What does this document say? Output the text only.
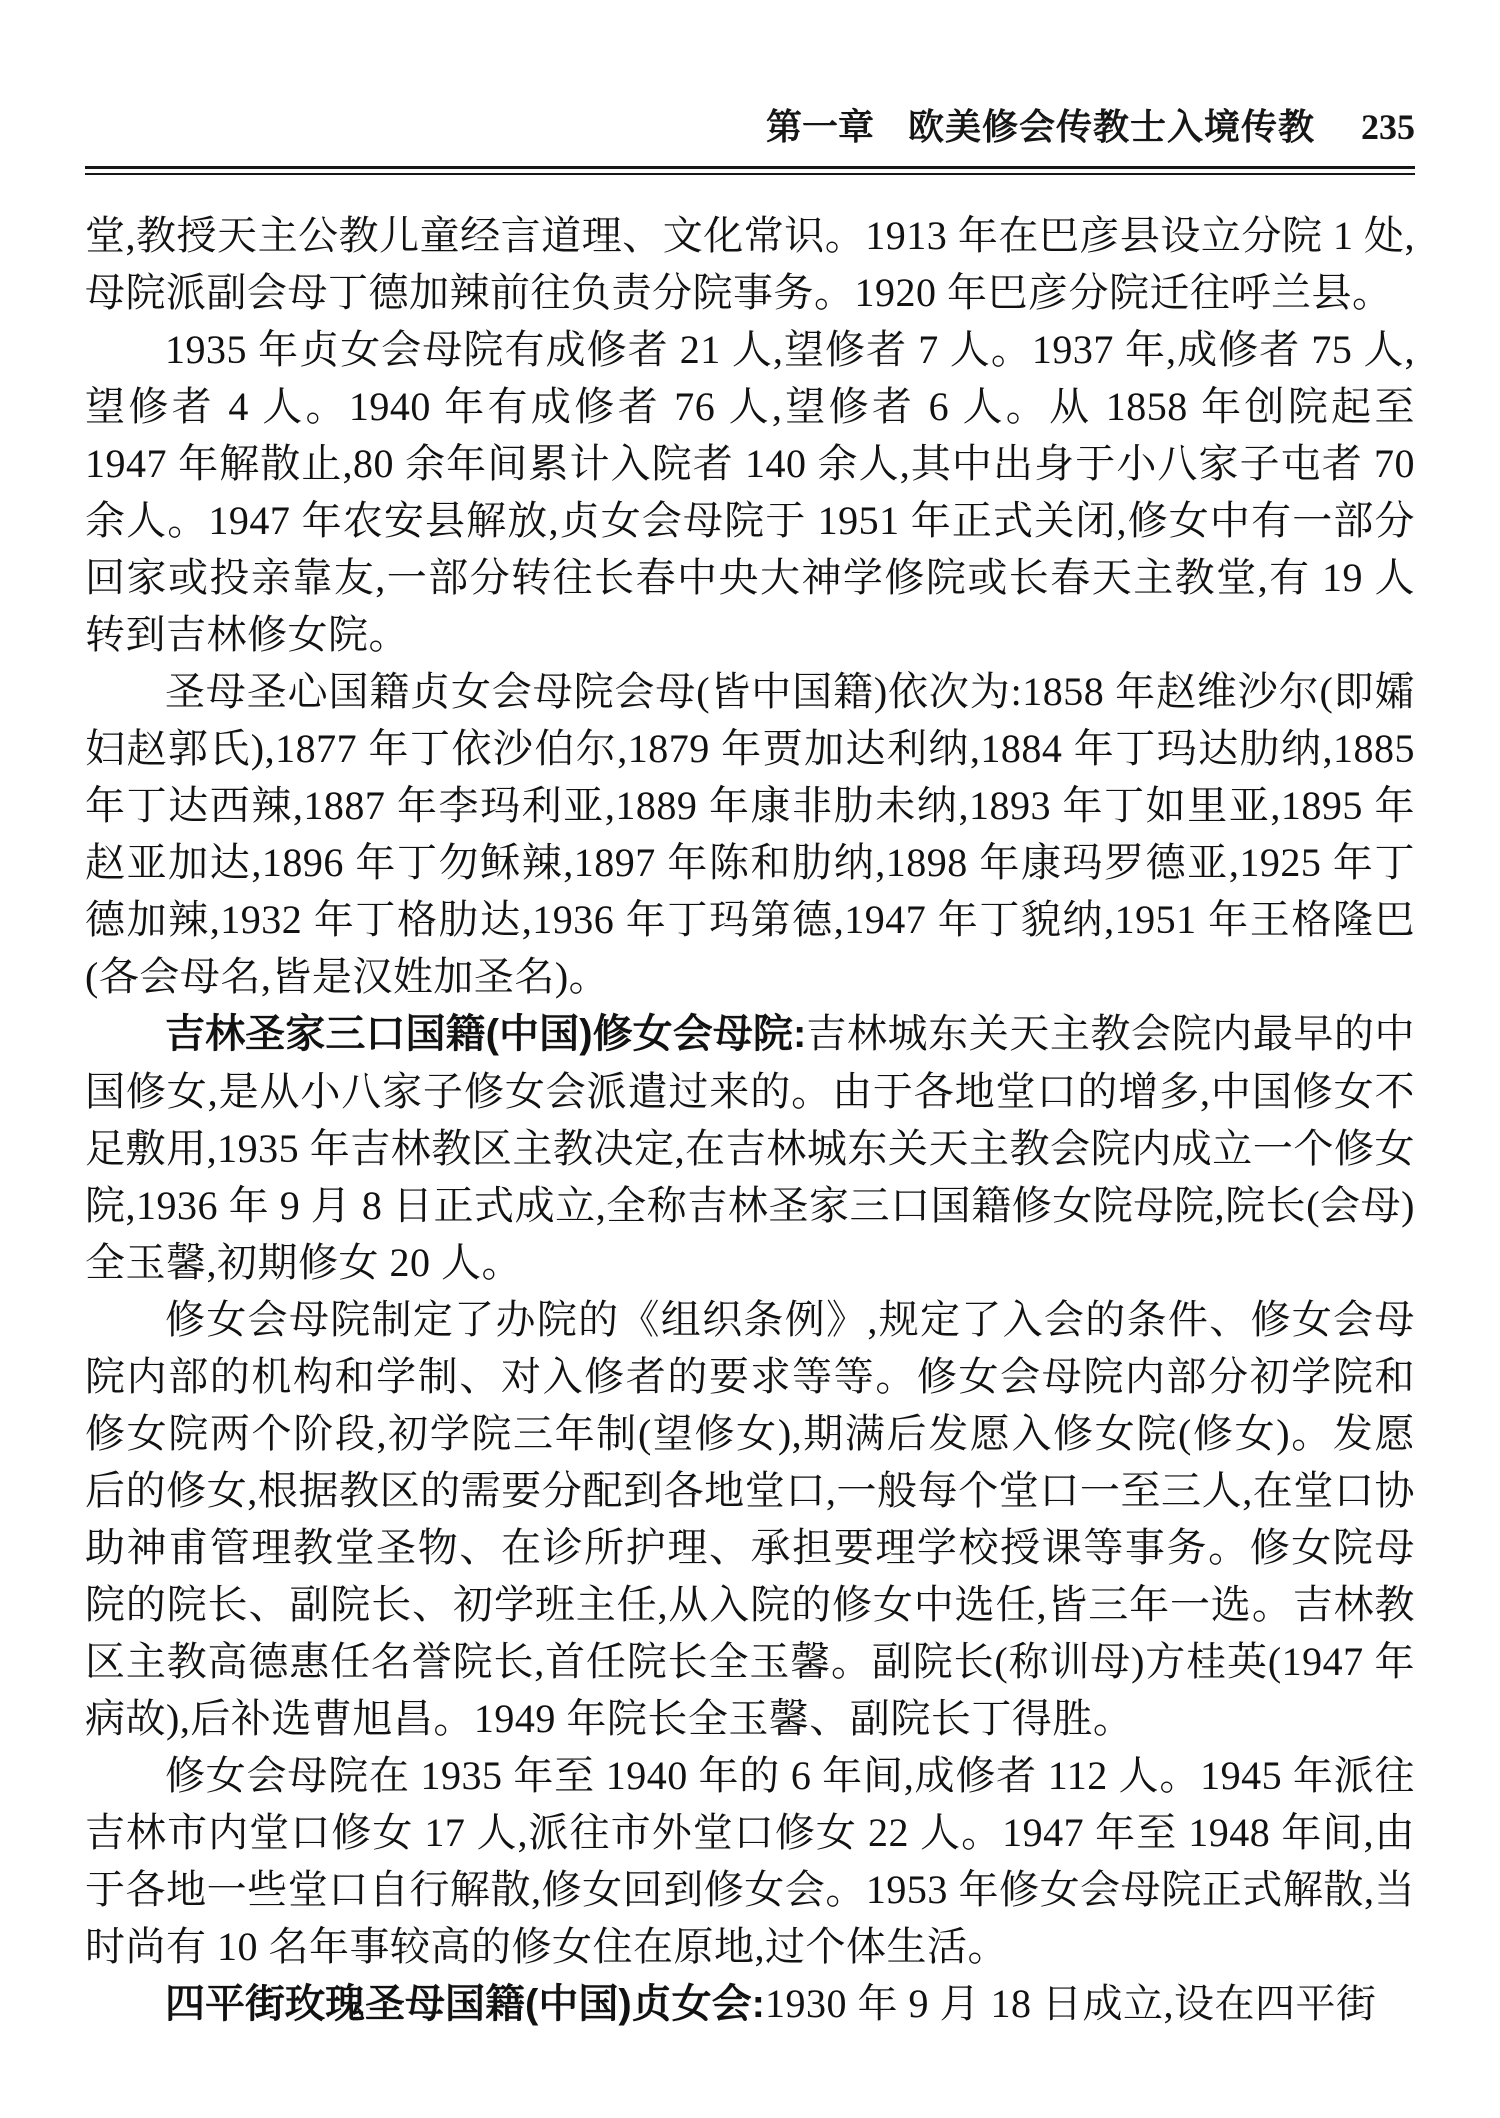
第一章 欧美修会传教士入境传教 235

堂,教授天主公教儿童经言道理、文化常识。1913 年在巴彦县设立分院 1 处,母院派副会母丁德加辣前往负责分院事务。1920 年巴彦分院迁往呼兰县。

1935 年贞女会母院有成修者 21 人,望修者 7 人。1937 年,成修者 75 人,望修者 4 人。1940 年有成修者 76 人,望修者 6 人。从 1858 年创院起至 1947 年解散止,80 余年间累计入院者 140 余人,其中出身于小八家子屯者 70 余人。1947 年农安县解放,贞女会母院于 1951 年正式关闭,修女中有一部分回家或投亲靠友,一部分转往长春中央大神学修院或长春天主教堂,有 19 人转到吉林修女院。

圣母圣心国籍贞女会母院会母(皆中国籍)依次为:1858 年赵维沙尔(即孀妇赵郭氏),1877 年丁依沙伯尔,1879 年贾加达利纳,1884 年丁玛达肋纳,1885 年丁达西辣,1887 年李玛利亚,1889 年康非肋未纳,1893 年丁如里亚,1895 年赵亚加达,1896 年丁勿稣辣,1897 年陈和肋纳,1898 年康玛罗德亚,1925 年丁德加辣,1932 年丁格肋达,1936 年丁玛第德,1947 年丁貌纳,1951 年王格隆巴(各会母名,皆是汉姓加圣名)。

吉林圣家三口国籍(中国)修女会母院:吉林城东关天主教会院内最早的中国修女,是从小八家子修女会派遣过来的。由于各地堂口的增多,中国修女不足敷用,1935 年吉林教区主教决定,在吉林城东关天主教会院内成立一个修女院,1936 年 9 月 8 日正式成立,全称吉林圣家三口国籍修女院母院,院长(会母)全玉馨,初期修女 20 人。

修女会母院制定了办院的《组织条例》,规定了入会的条件、修女会母院内部的机构和学制、对入修者的要求等等。修女会母院内部分初学院和修女院两个阶段,初学院三年制(望修女),期满后发愿入修女院(修女)。发愿后的修女,根据教区的需要分配到各地堂口,一般每个堂口一至三人,在堂口协助神甫管理教堂圣物、在诊所护理、承担要理学校授课等事务。修女院母院的院长、副院长、初学班主任,从入院的修女中选任,皆三年一选。吉林教区主教高德惠任名誉院长,首任院长全玉馨。副院长(称训母)方桂英(1947 年病故),后补选曹旭昌。1949 年院长全玉馨、副院长丁得胜。

修女会母院在 1935 年至 1940 年的 6 年间,成修者 112 人。1945 年派往吉林市内堂口修女 17 人,派往市外堂口修女 22 人。1947 年至 1948 年间,由于各地一些堂口自行解散,修女回到修女会。1953 年修女会母院正式解散,当时尚有 10 名年事较高的修女住在原地,过个体生活。

四平街玫瑰圣母国籍(中国)贞女会:1930 年 9 月 18 日成立,设在四平街
